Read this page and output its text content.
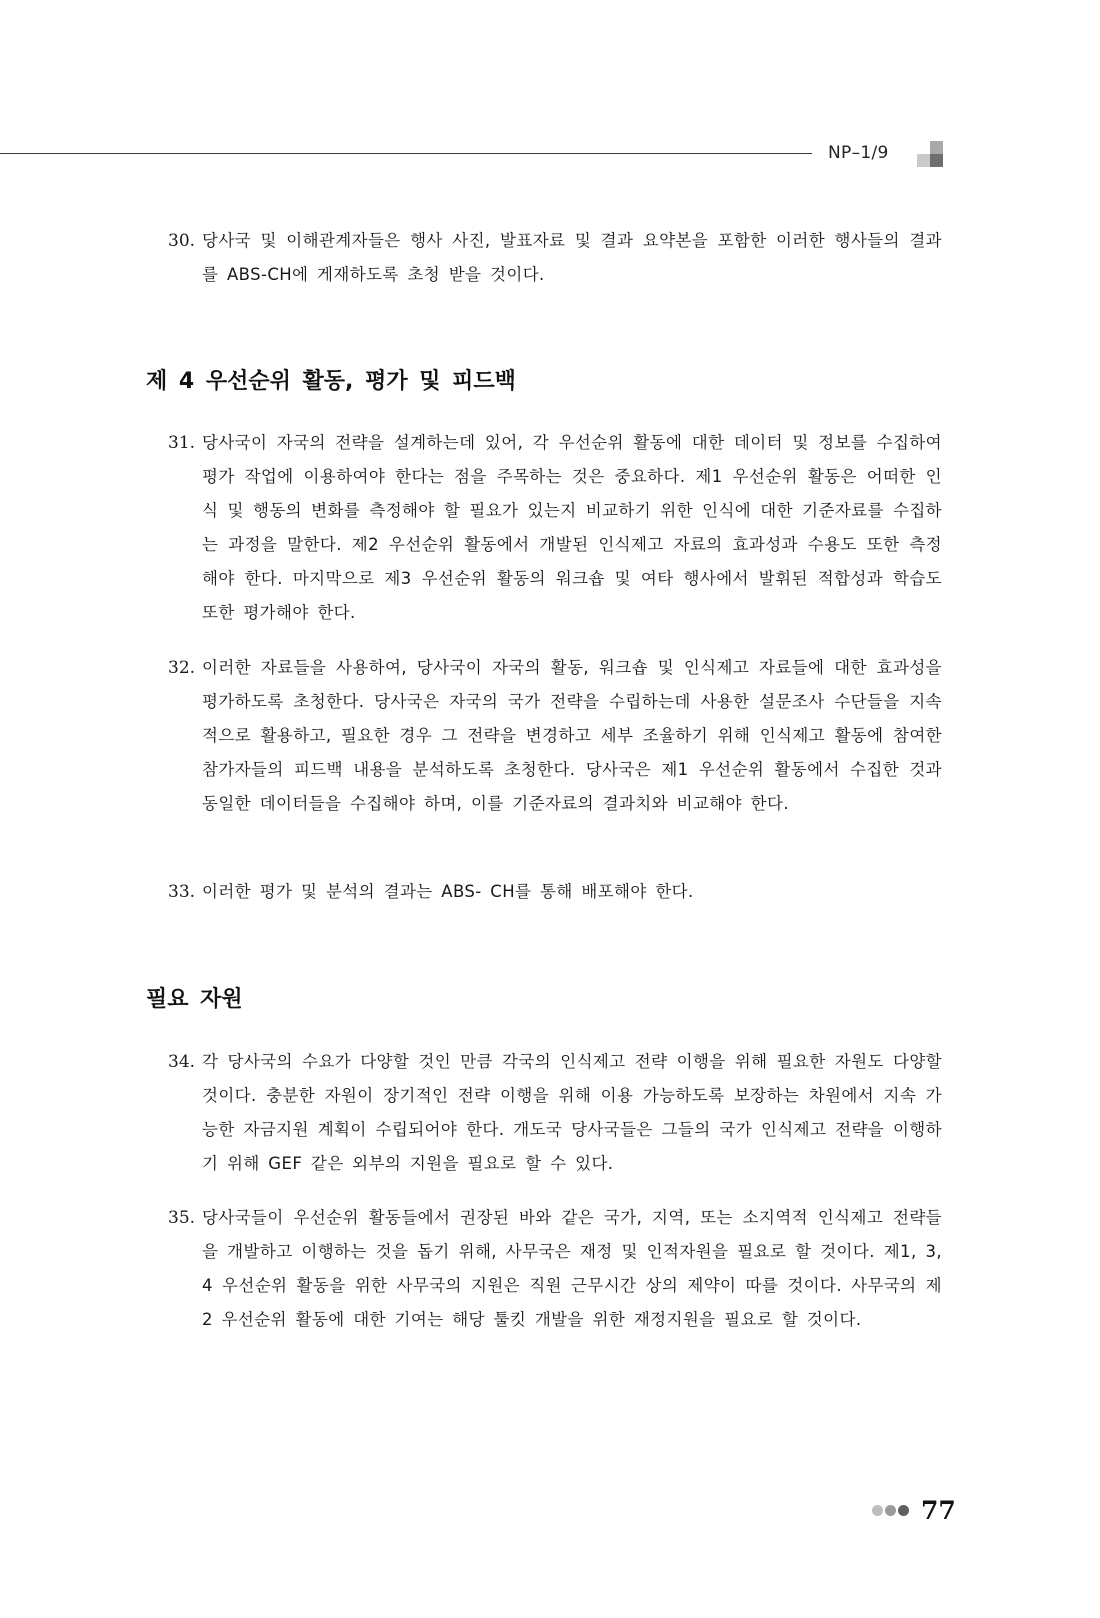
NP–1/9
30. 당사국 및 이해관계자들은 행사 사진, 발표자료 및 결과 요약본을 포함한 이러한 행사들의 결과를 ABS-CH에 게재하도록 초청 받을 것이다.
제 4 우선순위 활동, 평가 및 피드백
31. 당사국이 자국의 전략을 설계하는데 있어, 각 우선순위 활동에 대한 데이터 및 정보를 수집하여 평가 작업에 이용하여야 한다는 점을 주목하는 것은 중요하다. 제1 우선순위 활동은 어떠한 인식 및 행동의 변화를 측정해야 할 필요가 있는지 비교하기 위한 인식에 대한 기준자료를 수집하는 과정을 말한다. 제2 우선순위 활동에서 개발된 인식제고 자료의 효과성과 수용도 또한 측정해야 한다. 마지막으로 제3 우선순위 활동의 워크숍 및 여타 행사에서 발휘된 적합성과 학습도 또한 평가해야 한다.
32. 이러한 자료들을 사용하여, 당사국이 자국의 활동, 워크숍 및 인식제고 자료들에 대한 효과성을 평가하도록 초청한다. 당사국은 자국의 국가 전략을 수립하는데 사용한 설문조사 수단들을 지속적으로 활용하고, 필요한 경우 그 전략을 변경하고 세부 조율하기 위해 인식제고 활동에 참여한 참가자들의 피드백 내용을 분석하도록 초청한다. 당사국은 제1 우선순위 활동에서 수집한 것과 동일한 데이터들을 수집해야 하며, 이를 기준자료의 결과치와 비교해야 한다.
33. 이러한 평가 및 분석의 결과는 ABS- CH를 통해 배포해야 한다.
필요 자원
34. 각 당사국의 수요가 다양할 것인 만큼 각국의 인식제고 전략 이행을 위해 필요한 자원도 다양할 것이다. 충분한 자원이 장기적인 전략 이행을 위해 이용 가능하도록 보장하는 차원에서 지속 가능한 자금지원 계획이 수립되어야 한다. 개도국 당사국들은 그들의 국가 인식제고 전략을 이행하기 위해 GEF 같은 외부의 지원을 필요로 할 수 있다.
35. 당사국들이 우선순위 활동들에서 권장된 바와 같은 국가, 지역, 또는 소지역적 인식제고 전략들을 개발하고 이행하는 것을 돕기 위해, 사무국은 재정 및 인적자원을 필요로 할 것이다. 제1, 3, 4 우선순위 활동을 위한 사무국의 지원은 직원 근무시간 상의 제약이 따를 것이다. 사무국의 제2 우선순위 활동에 대한 기여는 해당 툴킷 개발을 위한 재정지원을 필요로 할 것이다.
77
